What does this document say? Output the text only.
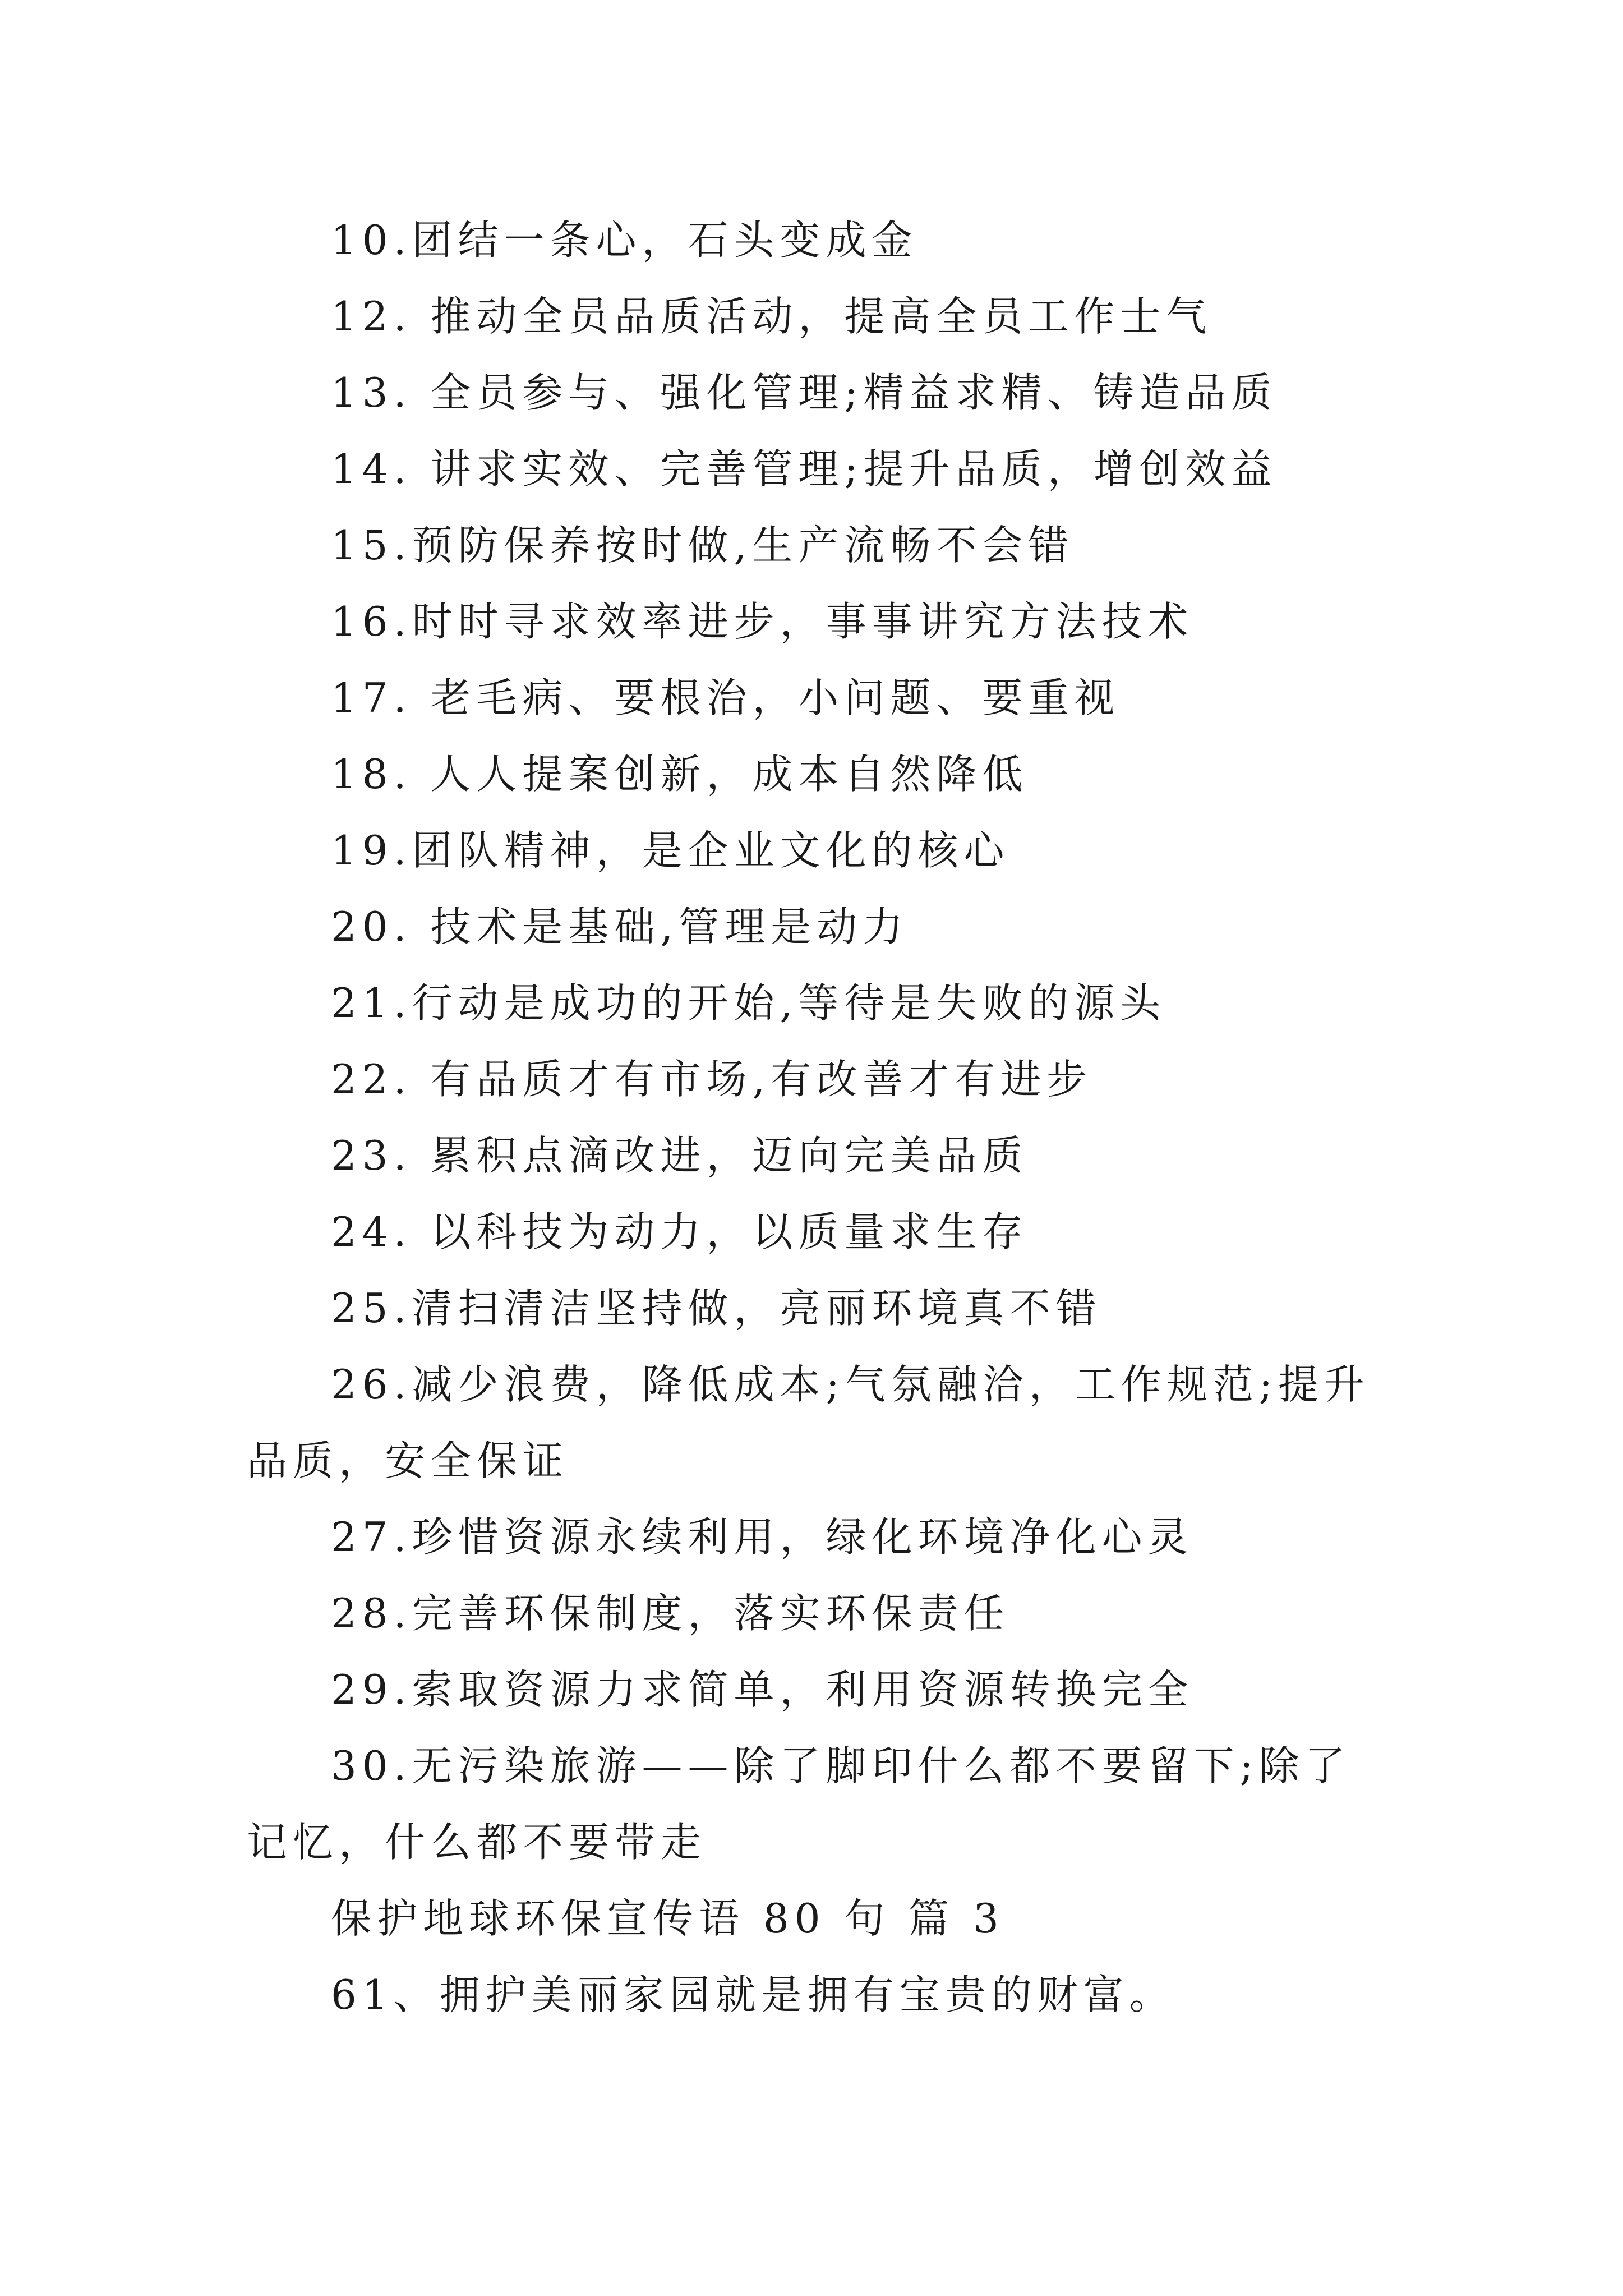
10.团结一条心，石头变成金

12. 推动全员品质活动，提高全员工作士气

13. 全员参与、强化管理;精益求精、铸造品质

14. 讲求实效、完善管理;提升品质，增创效益

15.预防保养按时做,生产流畅不会错

16.时时寻求效率进步，事事讲究方法技术

17. 老毛病、要根治，小问题、要重视

18. 人人提案创新，成本自然降低

19.团队精神，是企业文化的核心

20. 技术是基础,管理是动力

21.行动是成功的开始,等待是失败的源头

22. 有品质才有市场,有改善才有进步

23. 累积点滴改进，迈向完美品质

24. 以科技为动力，以质量求生存

25.清扫清洁坚持做，亮丽环境真不错

26.减少浪费，降低成本;气氛融洽，工作规范;提升品质，安全保证

27.珍惜资源永续利用，绿化环境净化心灵

28.完善环保制度，落实环保责任

29.索取资源力求简单，利用资源转换完全

30.无污染旅游——除了脚印什么都不要留下;除了记忆，什么都不要带走

保护地球环保宣传语 80 句 篇 3

61、拥护美丽家园就是拥有宝贵的财富。
